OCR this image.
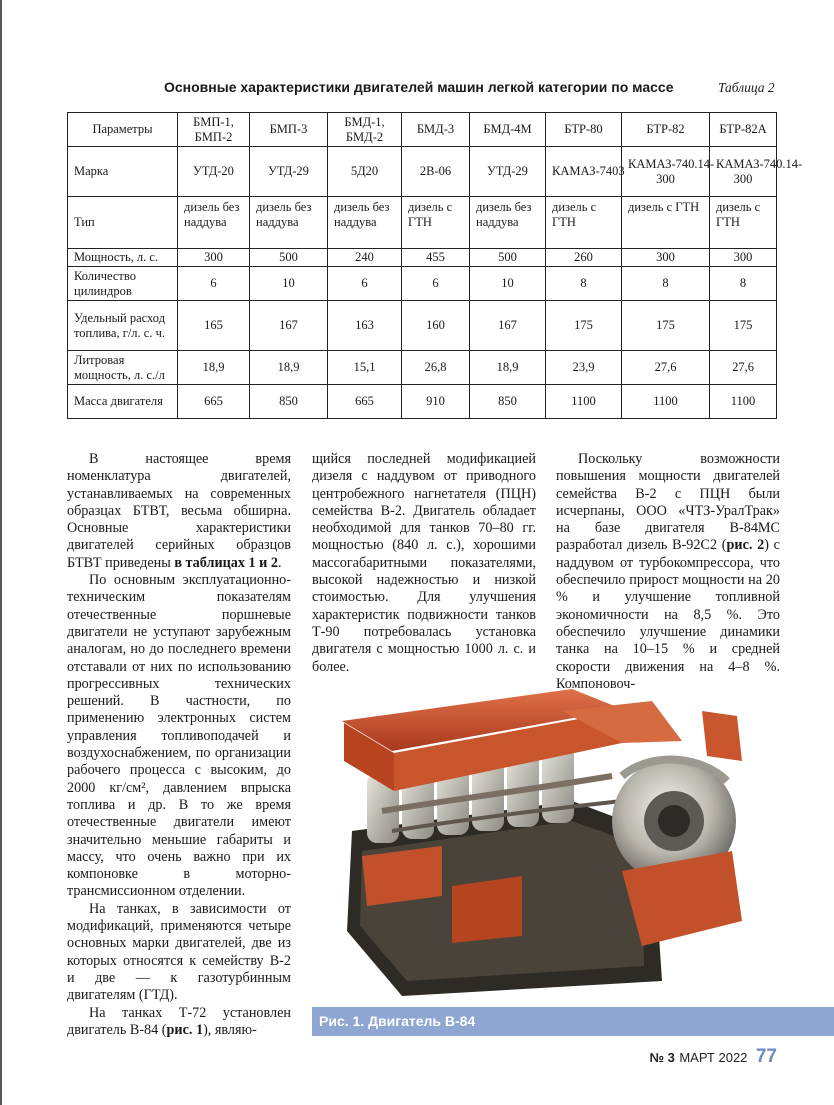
Основные характеристики двигателей машин легкой категории по массе	Таблица 2
Параметры	БМП-1, БМП-2	БМП-3	БМД-1, БМД-2	БМД-3	БМД-4М	БТР-80	БТР-82	БТР-82А
Марка	УТД-20	УТД-29	5Д20	2В-06	УТД-29	КАМАЗ-7403	КАМАЗ-740.14-300	КАМАЗ-740.14-300
Тип	дизель без наддува	дизель без наддува	дизель без наддува	дизель с ГТН	дизель без наддува	дизель с ГТН	дизель с ГТН	дизель с ГТН
Мощность, л. с.	300	500	240	455	500	260	300	300
Количество цилиндров	6	10	6	6	10	8	8	8
Удельный расход топлива, г/л. с. ч.	165	167	163	160	167	175	175	175
Литровая мощность, л. с./л	18,9	18,9	15,1	26,8	18,9	23,9	27,6	27,6
Масса двигателя	665	850	665	910	850	1100	1100	1100

В настоящее время номенклатура двигателей, устанавливаемых на современных образцах БТВТ, весьма обширна. Основные характеристики двигателей серийных образцов БТВТ приведены в таблицах 1 и 2.

По основным эксплуатационно-техническим показателям отечественные поршневые двигатели не уступают зарубежным аналогам, но до последнего времени отставали от них по использованию прогрессивных технических решений. В частности, по применению электронных систем управления топливоподачей и воздухоснабжением, по организации рабочего процесса с высоким, до 2000 кг/см², давлением впрыска топлива и др. В то же время отечественные двигатели имеют значительно меньшие габариты и массу, что очень важно при их компоновке в моторно-трансмиссионном отделении.

На танках, в зависимости от модификаций, применяются четыре основных марки двигателей, две из которых относятся к семейству В-2 и две — к газотурбинным двигателям (ГТД).

На танках Т-72 установлен двигатель В-84 (рис. 1), являю-

щийся последней модификацией дизеля с наддувом от приводного центробежного нагнетателя (ПЦН) семейства В-2. Двигатель обладает необходимой для танков 70–80 гг. мощностью (840 л. с.), хорошими массогабаритными показателями, высокой надежностью и низкой стоимостью. Для улучшения характеристик подвижности танков Т-90 потребовалась установка двигателя с мощностью 1000 л. с. и более.

Поскольку возможности повышения мощности двигателей семейства В-2 с ПЦН были исчерпаны, ООО «ЧТЗ-УралТрак» на базе двигателя В-84МС разработал дизель В-92С2 (рис. 2) с наддувом от турбокомпрессора, что обеспечило прирост мощности на 20 % и улучшение топливной экономичности на 8,5 %. Это обеспечило улучшение динамики танка на 10–15 % и средней скорости движения на 4–8 %. Компоновоч-

Рис. 1. Двигатель В-84
№ 3 МАРТ 2022 77
